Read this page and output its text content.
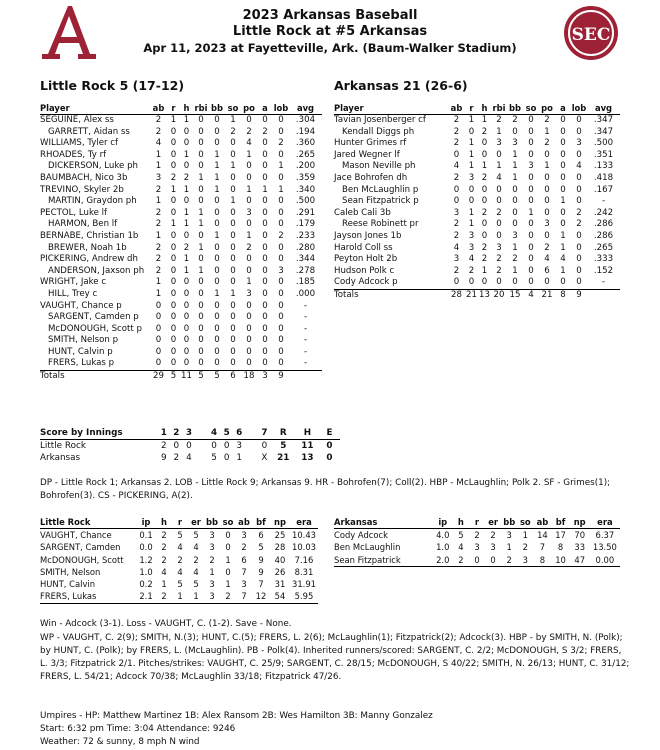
SEC
2023 Arkansas Baseball
Little Rock at #5 Arkansas
Apr 11, 2023 at Fayetteville, Ark. (Baum-Walker Stadium)
Little Rock 5 (17-12)	Arkansas 21 (26-6)
Player	ab	r	h	rbi	bb	so	po	a	lob	avg
SEGUINE, Alex ss	2	1	1	0	0	1	0	0	0	.304
GARRETT, Aidan ss	2	0	0	0	0	2	2	2	0	.194
WILLIAMS, Tyler cf	4	0	0	0	0	0	4	0	2	.360
RHOADES, Ty rf	1	0	1	0	1	0	1	0	0	.265
DICKERSON, Luke ph	1	0	0	0	1	1	0	0	1	.200
BAUMBACH, Nico 3b	3	2	2	1	1	0	0	0	0	.359
TREVINO, Skyler 2b	2	1	1	0	1	0	1	1	1	.340
MARTIN, Graydon ph	1	0	0	0	0	1	0	0	0	.500
PECTOL, Luke lf	2	0	1	1	0	0	3	0	0	.291
HARMON, Ben lf	2	1	1	1	0	0	0	0	0	.179
BERNABE, Christian 1b	1	0	0	0	1	0	1	0	2	.233
BREWER, Noah 1b	2	0	2	1	0	0	2	0	0	.280
PICKERING, Andrew dh	2	0	1	0	0	0	0	0	0	.344
ANDERSON, Jaxson ph	2	0	1	1	0	0	0	0	3	.278
WRIGHT, Jake c	1	0	0	0	0	0	1	0	0	.185
HILL, Trey c	1	0	0	0	1	1	3	0	0	.000
VAUGHT, Chance p	0	0	0	0	0	0	0	0	0	-
SARGENT, Camden p	0	0	0	0	0	0	0	0	0	-
McDONOUGH, Scott p	0	0	0	0	0	0	0	0	0	-
SMITH, Nelson p	0	0	0	0	0	0	0	0	0	-
HUNT, Calvin p	0	0	0	0	0	0	0	0	0	-
FRERS, Lukas p	0	0	0	0	0	0	0	0	0	-
Totals	29	5	11	5	5	6	18	3	9	
Player	ab	r	h	rbi	bb	so	po	a	lob	avg
Tavian Josenberger cf	2	1	1	2	2	0	2	0	0	.347
Kendall Diggs ph	2	0	2	1	0	0	1	0	0	.347
Hunter Grimes rf	2	1	0	3	3	0	2	0	3	.500
Jared Wegner lf	0	1	0	0	1	0	0	0	0	.351
Mason Neville ph	4	1	1	1	1	3	1	0	4	.133
Jace Bohrofen dh	2	3	2	4	1	0	0	0	0	.418
Ben McLaughlin p	0	0	0	0	0	0	0	0	0	.167
Sean Fitzpatrick p	0	0	0	0	0	0	0	1	0	-
Caleb Cali 3b	3	1	2	2	0	1	0	0	2	.242
Reese Robinett pr	2	1	0	0	0	0	3	0	2	.286
Jayson Jones 1b	2	3	0	0	3	0	0	1	0	.286
Harold Coll ss	4	3	2	3	1	0	2	1	0	.265
Peyton Holt 2b	3	4	2	2	2	0	4	4	0	.333
Hudson Polk c	2	2	1	2	1	0	6	1	0	.152
Cody Adcock p	0	0	0	0	0	0	0	0	0	-
Totals	28	21	13	20	15	4	21	8	9	
Score by Innings	1	2	3		4	5	6		7	R	H	E
Little Rock	2	0	0		0	0	3		0	5	11	0
Arkansas	9	2	4		5	0	1		X	21	13	0
DP - Little Rock 1; Arkansas 2. LOB - Little Rock 9; Arkansas 9. HR - Bohrofen(7); Coll(2). HBP - McLaughlin; Polk 2. SF - Grimes(1); Bohrofen(3). CS - PICKERING, A(2).
Little Rock	ip	h	r	er	bb	so	ab	bf	np	era
VAUGHT, Chance	0.1	2	5	5	3	0	3	6	25	10.43
SARGENT, Camden	0.0	2	4	4	3	0	2	5	28	10.03
McDONOUGH, Scott	1.2	2	2	2	2	1	6	9	40	7.16
SMITH, Nelson	1.0	4	4	4	1	0	7	9	26	8.31
HUNT, Calvin	0.2	1	5	5	3	1	3	7	31	31.91
FRERS, Lukas	2.1	2	1	1	3	2	7	12	54	5.95
Arkansas	ip	h	r	er	bb	so	ab	bf	np	era
Cody Adcock	4.0	5	2	2	3	1	14	17	70	6.37
Ben McLaughlin	1.0	4	3	3	1	2	7	8	33	13.50
Sean Fitzpatrick	2.0	2	0	0	2	3	8	10	47	0.00
Win - Adcock (3-1). Loss - VAUGHT, C. (1-2). Save - None.
WP - VAUGHT, C. 2(9); SMITH, N.(3); HUNT, C.(5); FRERS, L. 2(6); McLaughlin(1); Fitzpatrick(2); Adcock(3). HBP - by SMITH, N. (Polk); by HUNT, C. (Polk); by FRERS, L. (McLaughlin). PB - Polk(4). Inherited runners/scored: SARGENT, C. 2/2; McDONOUGH, S 3/2; FRERS, L. 3/3; Fitzpatrick 2/1. Pitches/strikes: VAUGHT, C. 25/9; SARGENT, C. 28/15; McDONOUGH, S 40/22; SMITH, N. 26/13; HUNT, C. 31/12; FRERS, L. 54/21; Adcock 70/38; McLaughlin 33/18; Fitzpatrick 47/26.
Umpires - HP: Matthew Martinez 1B: Alex Ransom 2B: Wes Hamilton 3B: Manny Gonzalez
Start: 6:32 pm Time: 3:04 Attendance: 9246
Weather: 72 & sunny, 8 mph N wind
